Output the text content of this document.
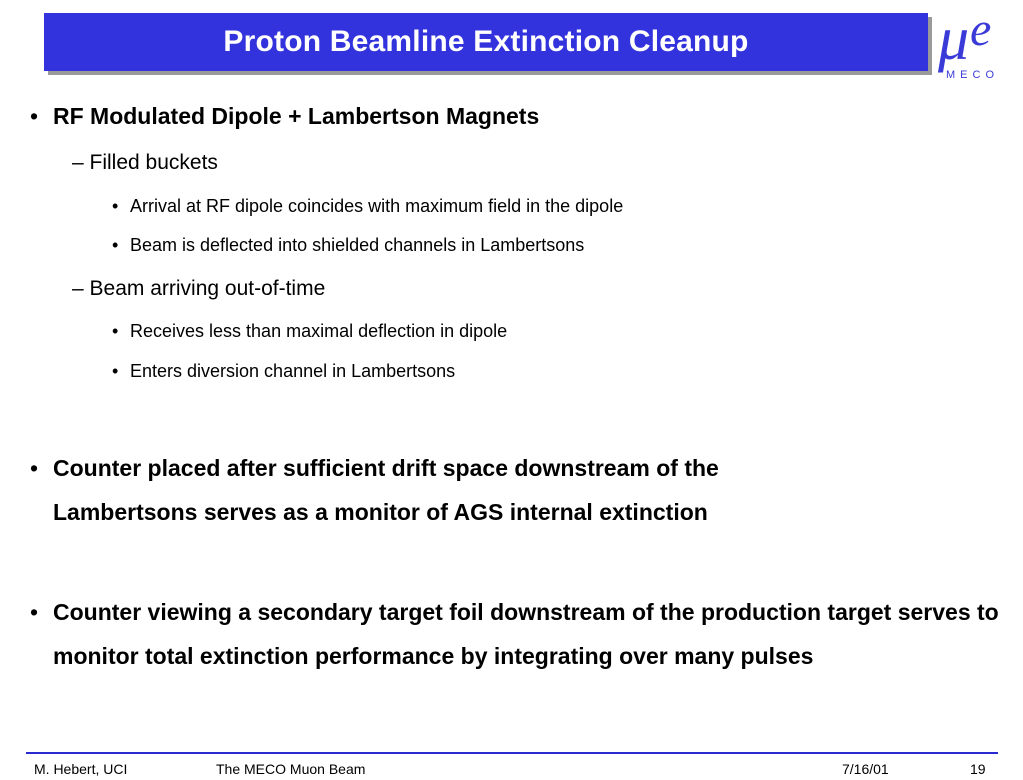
Proton Beamline Extinction Cleanup	μ e
MECO
• RF Modulated Dipole + Lambertson Magnets
– Filled buckets
• Arrival at RF dipole coincides with maximum field in the dipole
• Beam is deflected into shielded channels in Lambertsons
– Beam arriving out-of-time
• Receives less than maximal deflection in dipole
• Enters diversion channel in Lambertsons
• Counter placed after sufficient drift space downstream of the Lambertsons serves as a monitor of AGS internal extinction
• Counter viewing a secondary target foil downstream of the production target serves to monitor total extinction performance by integrating over many pulses
M. Hebert, UCI	The MECO Muon Beam	7/16/01	19
